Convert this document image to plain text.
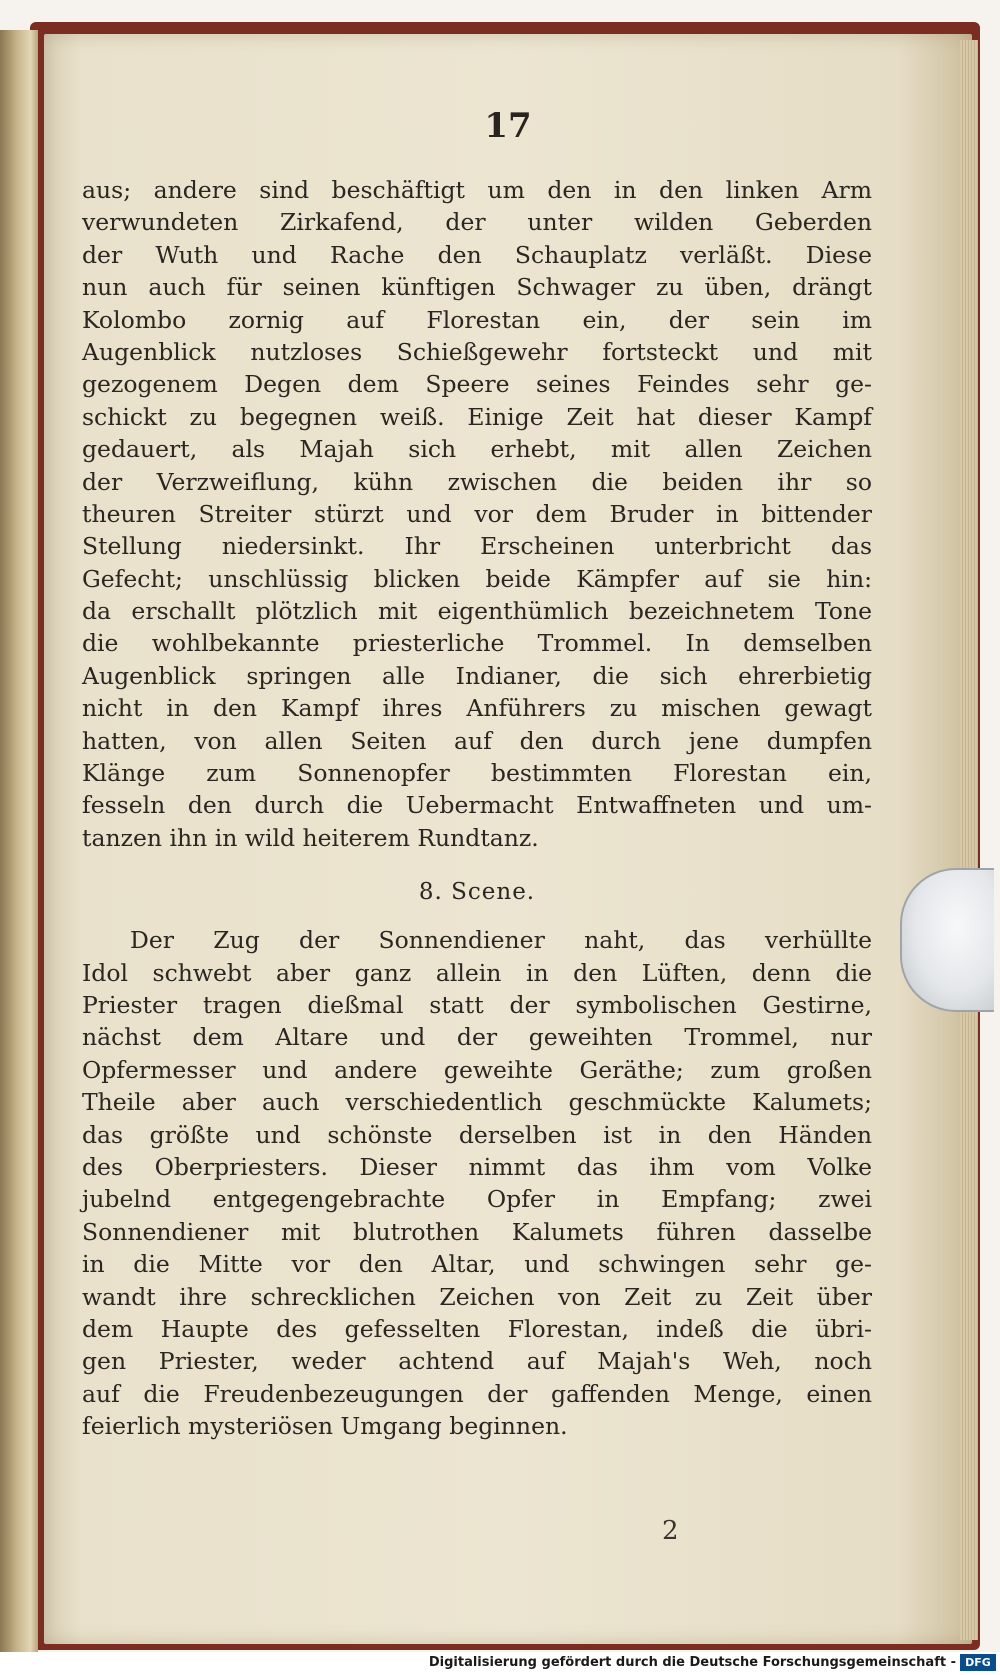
17
aus; andere sind beschäftigt um den in den linken Arm
verwundeten Zirkafend, der unter wilden Geberden
der Wuth und Rache den Schauplatz verläßt. Diese
nun auch für seinen künftigen Schwager zu üben, drängt
Kolombo zornig auf Florestan ein, der sein im
Augenblick nutzloses Schießgewehr fortsteckt und mit
gezogenem Degen dem Speere seines Feindes sehr ge-
schickt zu begegnen weiß. Einige Zeit hat dieser Kampf
gedauert, als Majah sich erhebt, mit allen Zeichen
der Verzweiflung, kühn zwischen die beiden ihr so
theuren Streiter stürzt und vor dem Bruder in bittender
Stellung niedersinkt. Ihr Erscheinen unterbricht das
Gefecht; unschlüssig blicken beide Kämpfer auf sie hin:
da erschallt plötzlich mit eigenthümlich bezeichnetem Tone
die wohlbekannte priesterliche Trommel. In demselben
Augenblick springen alle Indianer, die sich ehrerbietig
nicht in den Kampf ihres Anführers zu mischen gewagt
hatten, von allen Seiten auf den durch jene dumpfen
Klänge zum Sonnenopfer bestimmten Florestan ein,
fesseln den durch die Uebermacht Entwaffneten und um-
tanzen ihn in wild heiterem Rundtanz.
8. Scene.
Der Zug der Sonnendiener naht, das verhüllte
Idol schwebt aber ganz allein in den Lüften, denn die
Priester tragen dießmal statt der symbolischen Gestirne,
nächst dem Altare und der geweihten Trommel, nur
Opfermesser und andere geweihte Geräthe; zum großen
Theile aber auch verschiedentlich geschmückte Kalumets;
das größte und schönste derselben ist in den Händen
des Oberpriesters. Dieser nimmt das ihm vom Volke
jubelnd entgegengebrachte Opfer in Empfang; zwei
Sonnendiener mit blutrothen Kalumets führen dasselbe
in die Mitte vor den Altar, und schwingen sehr ge-
wandt ihre schrecklichen Zeichen von Zeit zu Zeit über
dem Haupte des gefesselten Florestan, indeß die übri-
gen Priester, weder achtend auf Majah's Weh, noch
auf die Freudenbezeugungen der gaffenden Menge, einen
feierlich mysteriösen Umgang beginnen.
2
Digitalisierung gefördert durch die Deutsche Forschungsgemeinschaft - DFG
